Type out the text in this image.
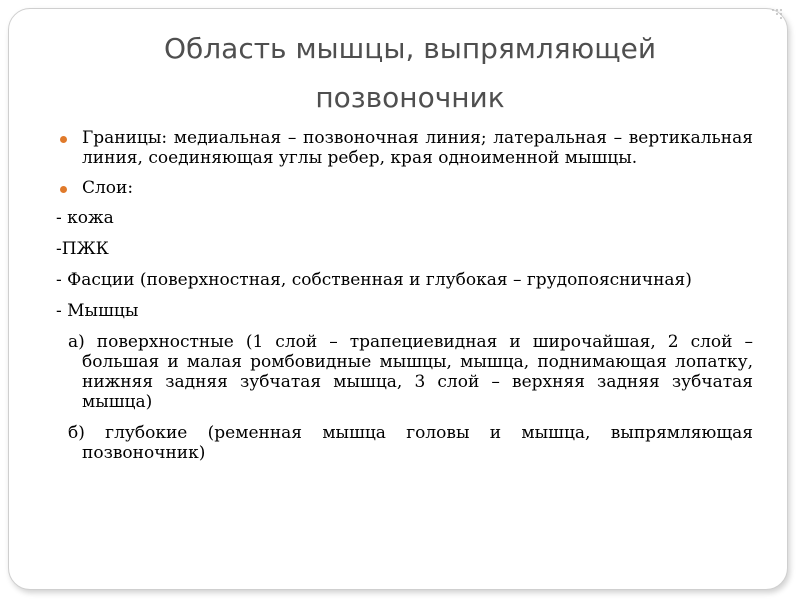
Область мышцы, выпрямляющей позвоночник
Границы: медиальная – позвоночная линия; латеральная – вертикальная линия, соединяющая углы ребер, края одноименной мышцы.
Слои:
- кожа
-ПЖК
- Фасции (поверхностная, собственная и глубокая – грудопоясничная)
- Мышцы
а) поверхностные (1 слой – трапециевидная и широчайшая, 2 слой – большая и малая ромбовидные мышцы, мышца, поднимающая лопатку, нижняя задняя зубчатая мышца, 3 слой – верхняя задняя зубчатая мышца)
б) глубокие (ременная мышца головы и мышца, выпрямляющая позвоночник)
